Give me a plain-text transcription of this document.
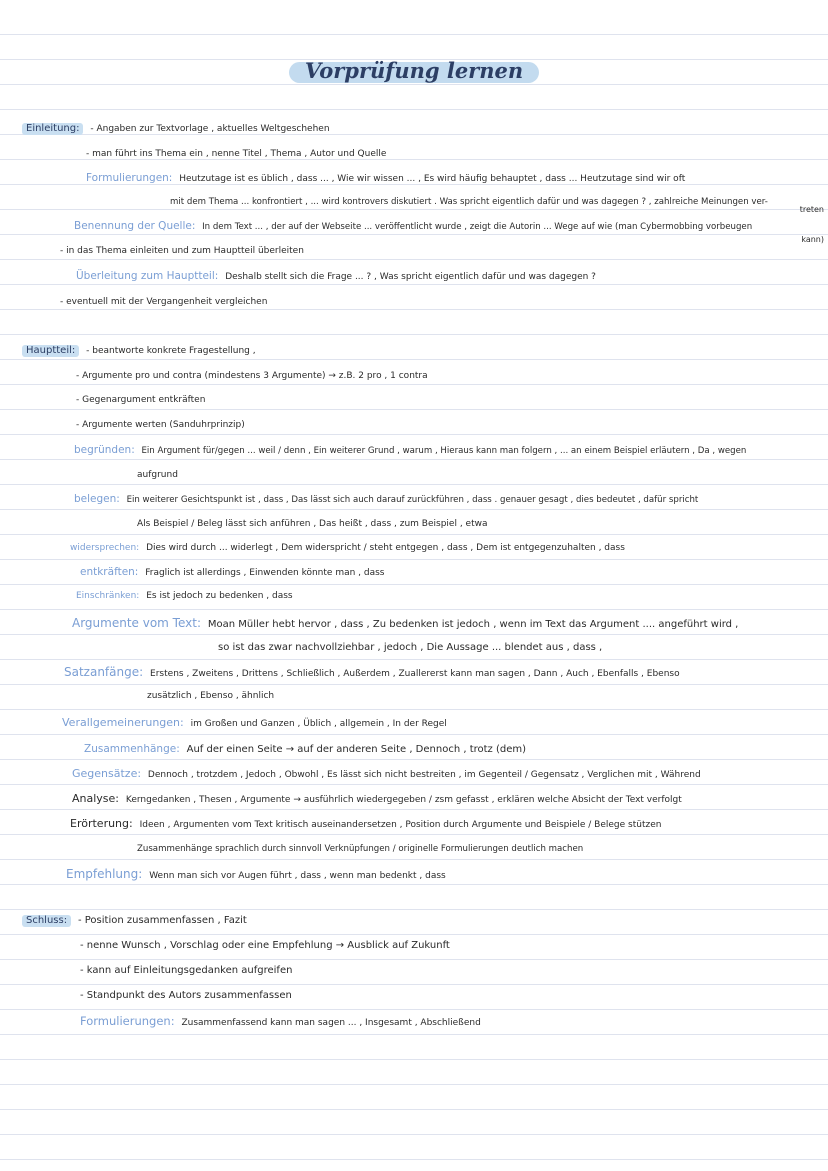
Vorprüfung lernen
Einleitung: - Angaben zur Textvorlage , aktuelles Weltgeschehen
- man führt ins Thema ein , nenne Titel , Thema , Autor und Quelle
Formulierungen: Heutzutage ist es üblich , dass ... , Wie wir wissen ... , Es wird häufig behauptet , dass ... Heutzutage sind wir oft
mit dem Thema ... konfrontiert , ... wird kontrovers diskutiert . Was spricht eigentlich dafür und was dagegen ? , zahlreiche Meinungen ver-
treten
Benennung der Quelle: In dem Text ... , der auf der Webseite ... veröffentlicht wurde , zeigt die Autorin ... Wege auf wie (man Cybermobbing vorbeugen
kann)
- in das Thema einleiten und zum Hauptteil überleiten
Überleitung zum Hauptteil: Deshalb stellt sich die Frage ... ? , Was spricht eigentlich dafür und was dagegen ?
- eventuell mit der Vergangenheit vergleichen
Hauptteil: - beantworte konkrete Fragestellung ,
- Argumente pro und contra (mindestens 3 Argumente) → z.B. 2 pro , 1 contra
- Gegenargument entkräften
- Argumente werten (Sanduhrprinzip)
begründen: Ein Argument für/gegen ... weil / denn , Ein weiterer Grund , warum , Hieraus kann man folgern , ... an einem Beispiel erläutern , Da , wegen
aufgrund
belegen: Ein weiterer Gesichtspunkt ist , dass , Das lässt sich auch darauf zurückführen , dass . genauer gesagt , dies bedeutet , dafür spricht
Als Beispiel / Beleg lässt sich anführen , Das heißt , dass , zum Beispiel , etwa
widersprechen: Dies wird durch ... widerlegt , Dem widerspricht / steht entgegen , dass , Dem ist entgegenzuhalten , dass
entkräften: Fraglich ist allerdings , Einwenden könnte man , dass
Einschränken: Es ist jedoch zu bedenken , dass
Argumente vom Text: Moan Müller hebt hervor , dass , Zu bedenken ist jedoch , wenn im Text das Argument .... angeführt wird ,
so ist das zwar nachvollziehbar , jedoch , Die Aussage ... blendet aus , dass ,
Satzanfänge: Erstens , Zweitens , Drittens , Schließlich , Außerdem , Zuallererst kann man sagen , Dann , Auch , Ebenfalls , Ebenso
zusätzlich , Ebenso , ähnlich
Verallgemeinerungen: im Großen und Ganzen , Üblich , allgemein , In der Regel
Zusammenhänge: Auf der einen Seite → auf der anderen Seite , Dennoch , trotz (dem)
Gegensätze: Dennoch , trotzdem , Jedoch , Obwohl , Es lässt sich nicht bestreiten , im Gegenteil / Gegensatz , Verglichen mit , Während
Analyse: Kerngedanken , Thesen , Argumente → ausführlich wiedergegeben / zsm gefasst , erklären welche Absicht der Text verfolgt
Erörterung: Ideen , Argumenten vom Text kritisch auseinandersetzen , Position durch Argumente und Beispiele / Belege stützen
Zusammenhänge sprachlich durch sinnvoll Verknüpfungen / originelle Formulierungen deutlich machen
Empfehlung: Wenn man sich vor Augen führt , dass , wenn man bedenkt , dass
Schluss: - Position zusammenfassen , Fazit
- nenne Wunsch , Vorschlag oder eine Empfehlung → Ausblick auf Zukunft
- kann auf Einleitungsgedanken aufgreifen
- Standpunkt des Autors zusammenfassen
Formulierungen: Zusammenfassend kann man sagen ... , Insgesamt , Abschließend
